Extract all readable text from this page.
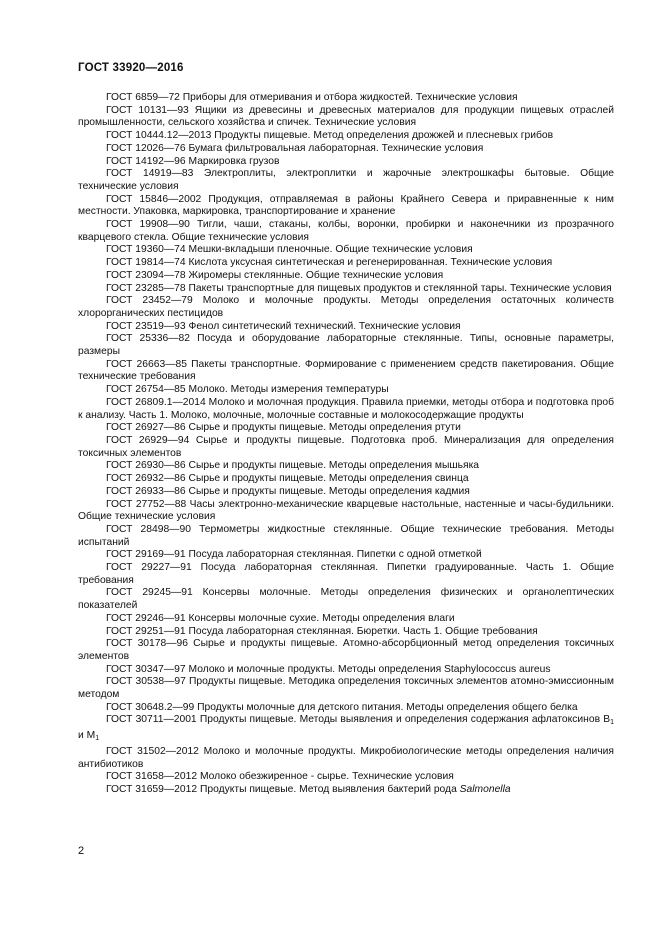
ГОСТ 33920—2016

ГОСТ 6859—72 Приборы для отмеривания и отбора жидкостей. Технические условия

ГОСТ 10131—93 Ящики из древесины и древесных материалов для продукции пищевых отраслей промышленности, сельского хозяйства и спичек. Технические условия

ГОСТ 10444.12—2013 Продукты пищевые. Метод определения дрожжей и плесневых грибов

ГОСТ 12026—76 Бумага фильтровальная лабораторная. Технические условия

ГОСТ 14192—96 Маркировка грузов

ГОСТ 14919—83 Электроплиты, электроплитки и жарочные электрошкафы бытовые. Общие технические условия

ГОСТ 15846—2002 Продукция, отправляемая в районы Крайнего Севера и приравненные к ним местности. Упаковка, маркировка, транспортирование и хранение

ГОСТ 19908—90 Тигли, чаши, стаканы, колбы, воронки, пробирки и наконечники из прозрачного кварцевого стекла. Общие технические условия

ГОСТ 19360—74 Мешки-вкладыши пленочные. Общие технические условия

ГОСТ 19814—74 Кислота уксусная синтетическая и регенерированная. Технические условия

ГОСТ 23094—78 Жиромеры стеклянные. Общие технические условия

ГОСТ 23285—78 Пакеты транспортные для пищевых продуктов и стеклянной тары. Технические условия

ГОСТ 23452—79 Молоко и молочные продукты. Методы определения остаточных количеств хлорорганических пестицидов

ГОСТ 23519—93 Фенол синтетический технический. Технические условия

ГОСТ 25336—82 Посуда и оборудование лабораторные стеклянные. Типы, основные параметры, размеры

ГОСТ 26663—85 Пакеты транспортные. Формирование с применением средств пакетирования. Общие технические требования

ГОСТ 26754—85 Молоко. Методы измерения температуры

ГОСТ 26809.1—2014 Молоко и молочная продукция. Правила приемки, методы отбора и подготовка проб к анализу. Часть 1. Молоко, молочные, молочные составные и молокосодержащие продукты

ГОСТ 26927—86 Сырье и продукты пищевые. Методы определения ртути

ГОСТ 26929—94 Сырье и продукты пищевые. Подготовка проб. Минерализация для определения токсичных элементов

ГОСТ 26930—86 Сырье и продукты пищевые. Методы определения мышьяка

ГОСТ 26932—86 Сырье и продукты пищевые. Методы определения свинца

ГОСТ 26933—86 Сырье и продукты пищевые. Методы определения кадмия

ГОСТ 27752—88 Часы электронно-механические кварцевые настольные, настенные и часы-будильники. Общие технические условия

ГОСТ 28498—90 Термометры жидкостные стеклянные. Общие технические требования. Методы испытаний

ГОСТ 29169—91 Посуда лабораторная стеклянная. Пипетки с одной отметкой

ГОСТ 29227—91 Посуда лабораторная стеклянная. Пипетки градуированные. Часть 1. Общие требования

ГОСТ 29245—91 Консервы молочные. Методы определения физических и органолептических показателей

ГОСТ 29246—91 Консервы молочные сухие. Методы определения влаги

ГОСТ 29251—91 Посуда лабораторная стеклянная. Бюретки. Часть 1. Общие требования

ГОСТ 30178—96 Сырье и продукты пищевые. Атомно-абсорбционный метод определения токсичных элементов

ГОСТ 30347—97 Молоко и молочные продукты. Методы определения Staphylococcus aureus

ГОСТ 30538—97 Продукты пищевые. Методика определения токсичных элементов атомно-эмиссионным методом

ГОСТ 30648.2—99 Продукты молочные для детского питания. Методы определения общего белка

ГОСТ 30711—2001 Продукты пищевые. Методы выявления и определения содержания афлатоксинов $B_1$ и $M_1$

ГОСТ 31502—2012 Молоко и молочные продукты. Микробиологические методы определения наличия антибиотиков

ГОСТ 31658—2012 Молоко обезжиренное - сырье. Технические условия

ГОСТ 31659—2012 Продукты пищевые. Метод выявления бактерий рода Salmonella

2
